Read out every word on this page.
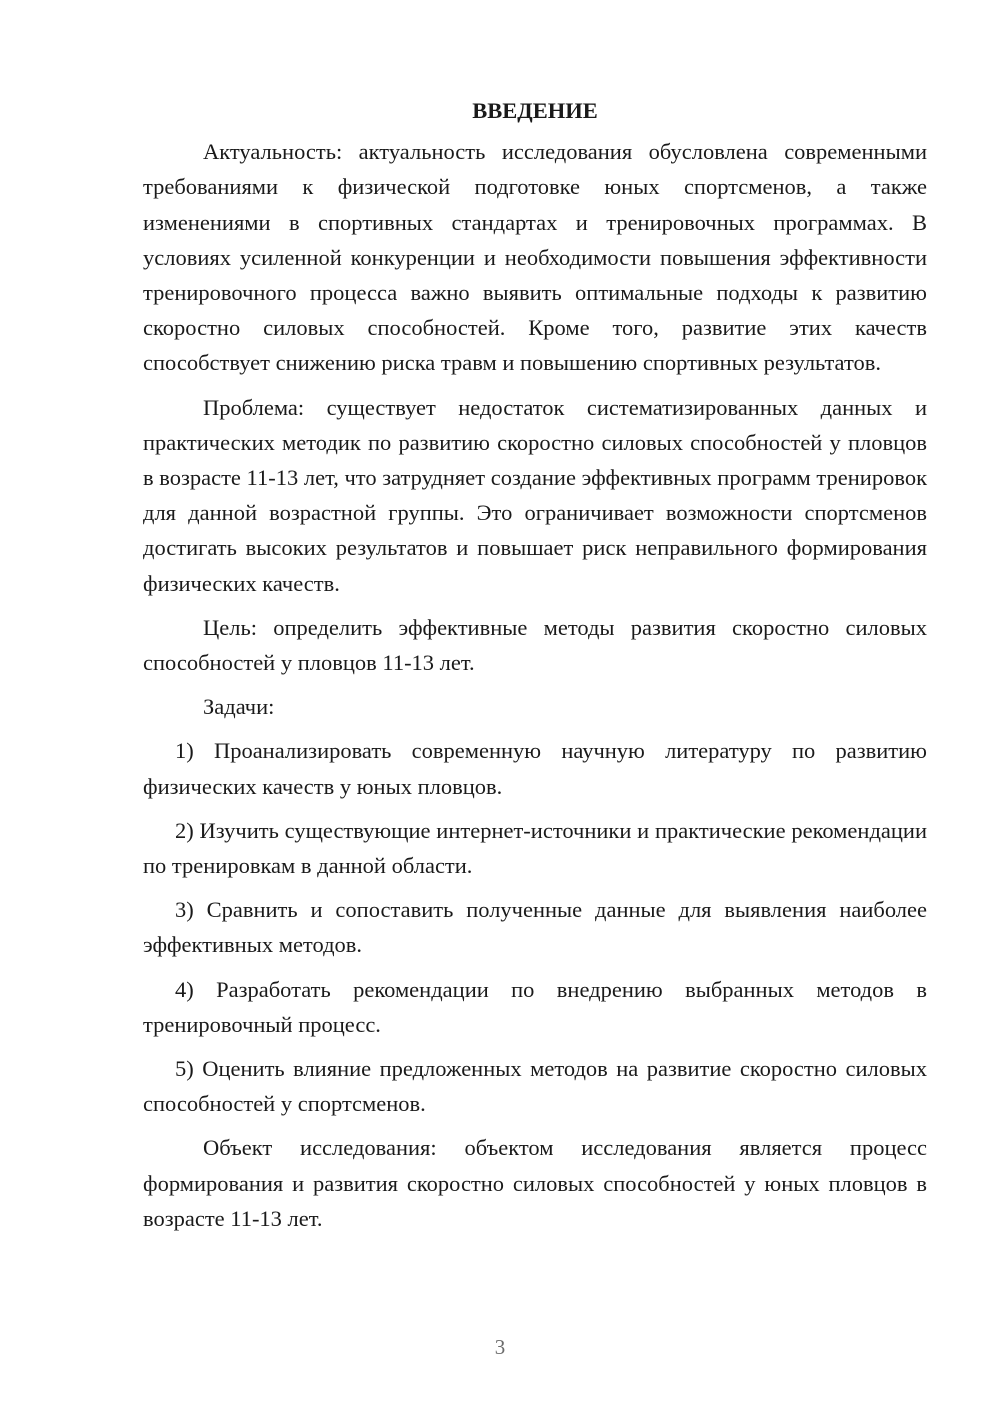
ВВЕДЕНИЕ

Актуальность: актуальность исследования обусловлена современными требованиями к физической подготовке юных спортсменов, а также изменениями в спортивных стандартах и тренировочных программах. В условиях усиленной конкуренции и необходимости повышения эффективности тренировочного процесса важно выявить оптимальные подходы к развитию скоростно силовых способностей. Кроме того, развитие этих качеств способствует снижению риска травм и повышению спортивных результатов.

Проблема: существует недостаток систематизированных данных и практических методик по развитию скоростно силовых способностей у пловцов в возрасте 11-13 лет, что затрудняет создание эффективных программ тренировок для данной возрастной группы. Это ограничивает возможности спортсменов достигать высоких результатов и повышает риск неправильного формирования физических качеств.

Цель: определить эффективные методы развития скоростно силовых способностей у пловцов 11-13 лет.

Задачи:

1) Проанализировать современную научную литературу по развитию физических качеств у юных пловцов.

2) Изучить существующие интернет-источники и практические рекомендации по тренировкам в данной области.

3) Сравнить и сопоставить полученные данные для выявления наиболее эффективных методов.

4) Разработать рекомендации по внедрению выбранных методов в тренировочный процесс.

5) Оценить влияние предложенных методов на развитие скоростно силовых способностей у спортсменов.

Объект исследования: объектом исследования является процесс формирования и развития скоростно силовых способностей у юных пловцов в возрасте 11-13 лет.

3
